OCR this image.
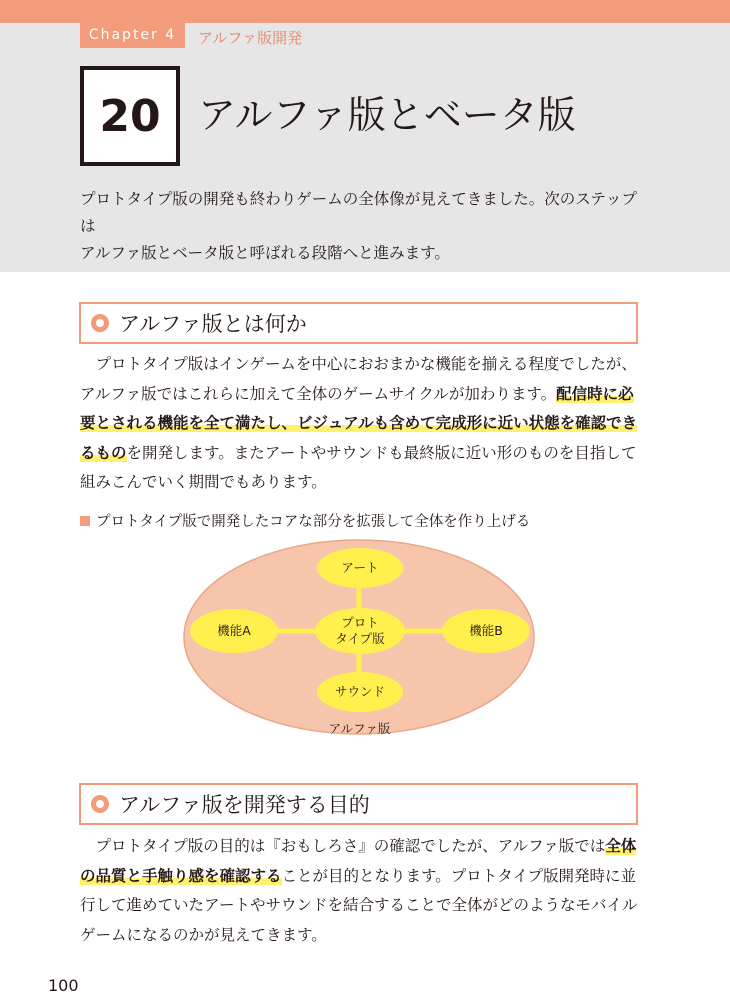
Chapter 4	アルファ版開発
20 アルファ版とベータ版

プロトタイプ版の開発も終わりゲームの全体像が見えてきました。次のステップは

アルファ版とベータ版と呼ばれる段階へと進みます。

アルファ版とは何か

　プロトタイプ版はインゲームを中心におおまかな機能を揃える程度でしたが、アルファ版ではこれらに加えて全体のゲームサイクルが加わります。配信時に必要とされる機能を全て満たし、ビジュアルも含めて完成形に近い状態を確認できるものを開発します。またアートやサウンドも最終版に近い形のものを目指して組みこんでいく期間でもあります。

プロトタイプ版で開発したコアな部分を拡張して全体を作り上げる
アート
機能A	機能B
プロト
タイプ版
サウンド
アルファ版
アルファ版を開発する目的

　プロトタイプ版の目的は『おもしろさ』の確認でしたが、アルファ版では全体の品質と手触り感を確認することが目的となります。プロトタイプ版開発時に並行して進めていたアートやサウンドを結合することで全体がどのようなモバイルゲームになるのかが見えてきます。

100
